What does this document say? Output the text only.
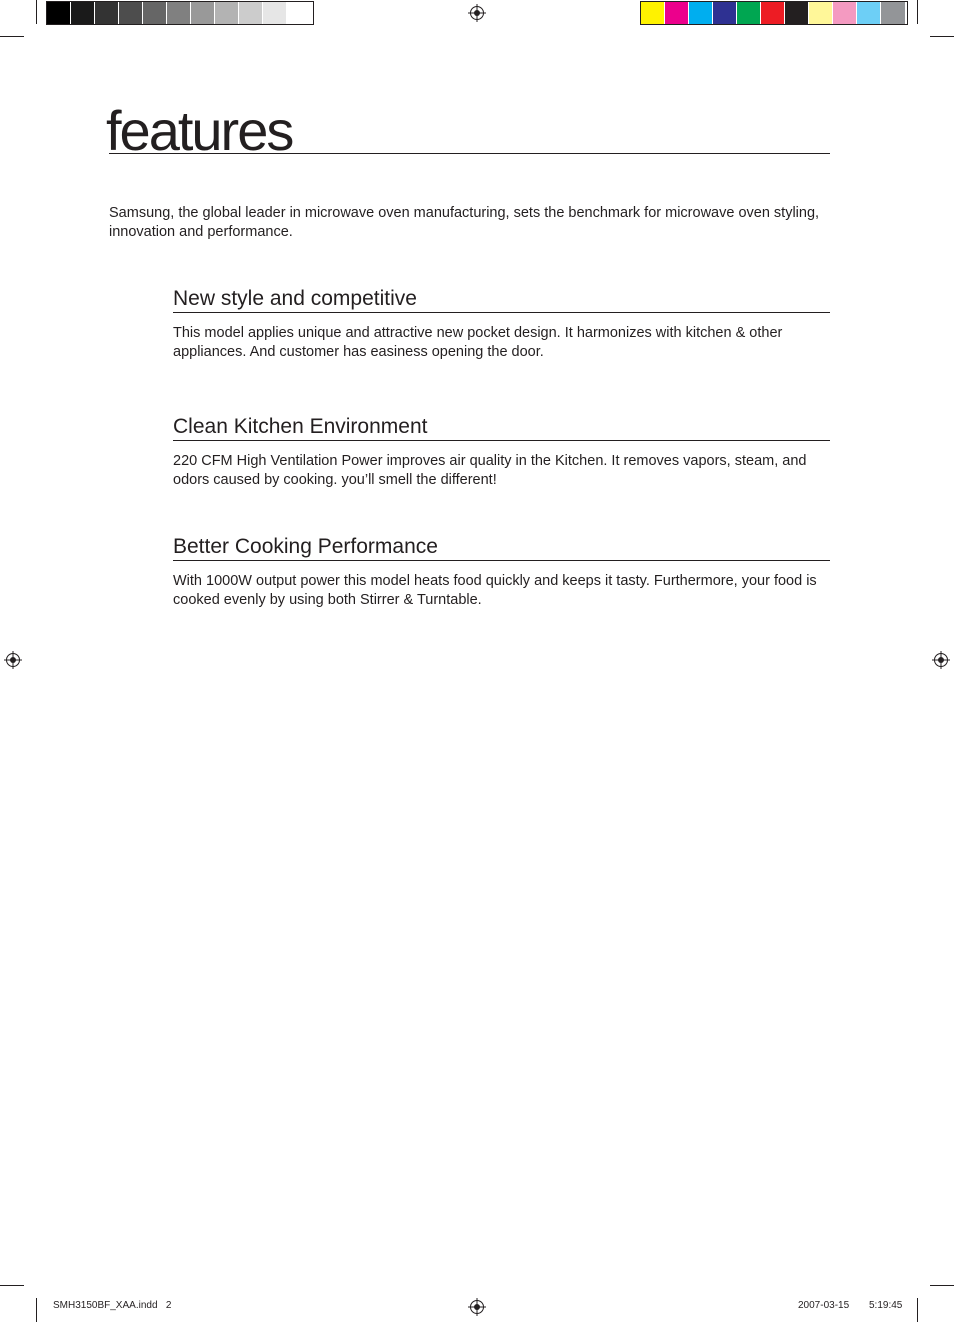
features
Samsung, the global leader in microwave oven manufacturing, sets the benchmark for microwave oven styling, innovation and performance.
New style and competitive

This model applies unique and attractive new pocket design. It harmonizes with kitchen & other appliances. And customer has easiness opening the door.

Clean Kitchen Environment

220 CFM High Ventilation Power improves air quality in the Kitchen. It removes vapors, steam, and odors caused by cooking. you’ll smell the different!

Better Cooking Performance

With 1000W output power this model heats food quickly and keeps it tasty. Furthermore, your food is cooked evenly by using both Stirrer & Turntable.

SMH3150BF_XAA.indd   2	2007-03-15 5:19:45
